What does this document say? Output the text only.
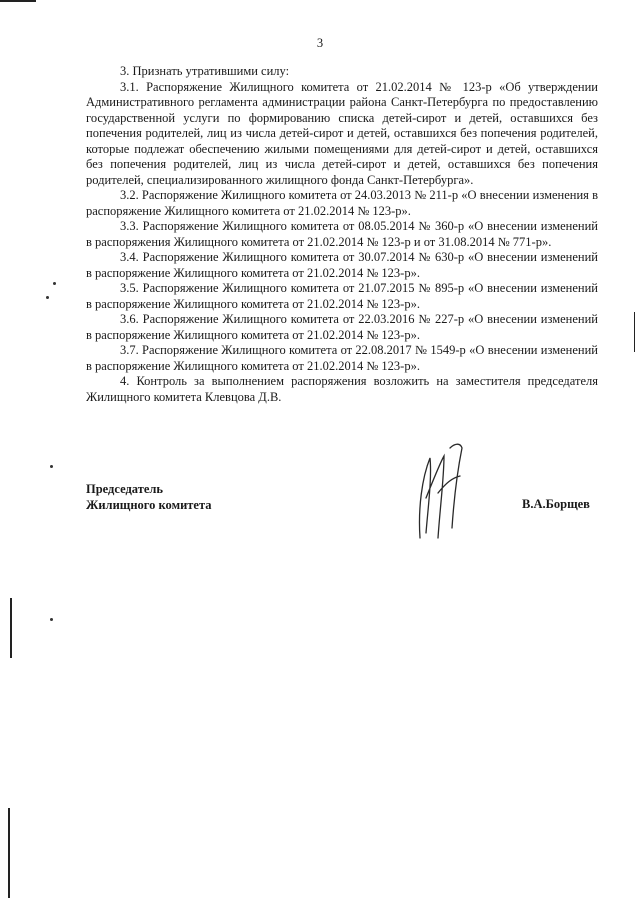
3

3. Признать утратившими силу:

3.1. Распоряжение Жилищного комитета от 21.02.2014 № 123-р «Об утверждении Административного регламента администрации района Санкт-Петербурга по предоставлению государственной услуги по формированию списка детей-сирот и детей, оставшихся без попечения родителей, лиц из числа детей-сирот и детей, оставшихся без попечения родителей, которые подлежат обеспечению жилыми помещениями для детей-сирот и детей, оставшихся без попечения родителей, лиц из числа детей-сирот и детей, оставшихся без попечения родителей, специализированного жилищного фонда Санкт-Петербурга».

3.2. Распоряжение Жилищного комитета от 24.03.2013 № 211-р «О внесении изменения в распоряжение Жилищного комитета от 21.02.2014 № 123-р».

3.3. Распоряжение Жилищного комитета от 08.05.2014 № 360-р «О внесении изменений в распоряжения Жилищного комитета от 21.02.2014 № 123-р и от 31.08.2014 № 771-р».

3.4. Распоряжение Жилищного комитета от 30.07.2014 № 630-р «О внесении изменений в распоряжение Жилищного комитета от 21.02.2014 № 123-р».

3.5. Распоряжение Жилищного комитета от 21.07.2015 № 895-р «О внесении изменений в распоряжение Жилищного комитета от 21.02.2014 № 123-р».

3.6. Распоряжение Жилищного комитета от 22.03.2016 № 227-р «О внесении изменений в распоряжение Жилищного комитета от 21.02.2014 № 123-р».

3.7. Распоряжение Жилищного комитета от 22.08.2017 № 1549-р «О внесении изменений в распоряжение Жилищного комитета от 21.02.2014 № 123-р».

4. Контроль за выполнением распоряжения возложить на заместителя председателя Жилищного комитета Клевцова Д.В.

Председатель
Жилищного комитета	В.А.Борщев
